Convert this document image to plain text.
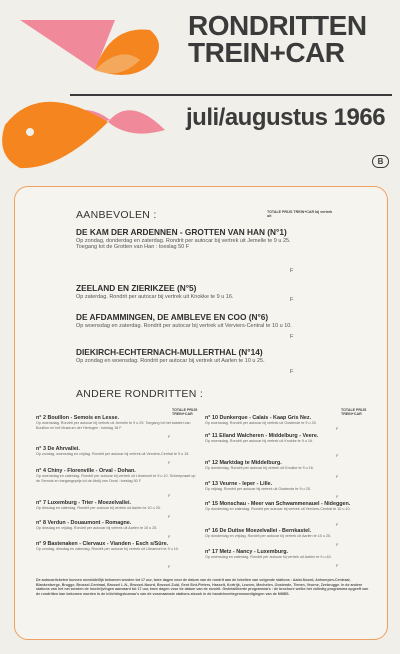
RONDRITTEN
TREIN+CAR
juli/augustus 1966
B
AANBEVOLEN :	TOTALE PRIJS TREIN+CAR bij vertrek uit
DE KAM DER ARDENNEN - GROTTEN VAN HAN (N°1)
Op zondag, donderdag en zaterdag. Rondrit per autocar bij vertrek uit Jemelle te 9 u 25.
Toegang tot de Grotten van Han : toeslag 50 F
F
ZEELAND EN ZIERIKZEE (N°5)
Op zaterdag. Rondrit per autocar bij vertrek uit Knokke te 9 u 16.
F
DE AFDAMMINGEN, DE AMBLEVE EN COO (N°6)
Op woensdag en zaterdag. Rondrit per autocar bij vertrek uit Verviers-Central te 10 u 10.
F
DIEKIRCH-ECHTERNACH-MULLERTHAL (N°14)
Op zondag en woensdag. Rondrit per autocar bij vertrek uit Aarlen te 10 u 25.
F
ANDERE RONDRITTEN :
TOTALE PRIJS TREIN+CAR
TOTALE PRIJS TREIN+CAR
n° 2 Bouillon - Semois en Lesse.
Op woensdag. Rondrit per autocar bij vertrek uit Jemelle te 9 u 25. Toegang tot het kasteel van Bouillon en het Museum der Hertogen : toeslag 18 F
F
n° 3 De Ahrvallei.
Op zondag, woensdag en vrijdag. Rondrit per autocar bij vertrek uit Verviers-Central te 9 u 15.
F
n° 4 Chiny - Florenville - Orval - Dohan.
Op woensdag en zaterdag. Rondrit per autocar bij vertrek uit Libramont te 9 u 10. Scheepvaart op de Semois en toegangsprijs tot de Abdij van Orval : toeslag 50 F
F
n° 7 Luxemburg - Trier - Moezelvallei.
Op dinsdag en zaterdag. Rondrit per autocar bij vertrek uit Aarlen te 10 u 25.
F
n° 8 Verdun - Douaumont - Romagne.
Op dinsdag en vrijdag. Rondrit per autocar bij vertrek uit Aarlen te 10 u 25.
F
n° 9 Bastenaken - Clervaux - Vianden - Esch s/Sûre.
Op zondag, dinsdag en zaterdag. Rondrit per autocar bij vertrek uit Libramont te 9 u 10.
F
n° 10 Dunkerque - Calais - Kaap Gris Nez.
Op woensdag. Rondrit per autocar bij vertrek uit Oostende te 9 u 25.
F
n° 11 Eiland Walcheren - Middelburg - Veere.
Op woensdag. Rondrit per autocar bij vertrek uit Knokke te 9 u 16.
F
n° 12 Marktdag te Middelburg.
Op donderdag. Rondrit per autocar bij vertrek uit Knokke te 9 u 16.
F
n° 13 Veurne - Ieper - Lille.
Op vrijdag. Rondrit per autocar bij vertrek uit Oostende te 9 u 25.
F
n° 15 Monschau - Meer van Schwammenauel - Nideggen.
Op donderdag en zaterdag. Rondrit per autocar bij vertrek uit Verviers-Central te 10 u 10.
F
n° 16 De Duitse Moezelvallei - Bernkastel.
Op donderdag en vrijdag. Rondrit per autocar bij vertrek uit Aarlen te 10 u 25.
F
n° 17 Metz - Nancy - Luxemburg.
Op woensdag en zaterdag. Rondrit per autocar bij vertrek uit Aarlen te 9 u 40.
F
De autocarticketen kunnen onmiddellijk bekomen worden tot 17 uur, twee dagen voor de datum van de rondrit aan de loketten van volgende stations : Aalst-Noord, Antwerpen-Centraal, Blankenberge, Brugge, Brussel-Centraal, Brussel L.N., Brussel-Noord, Brussel-Zuid, Gent Sint-Pieters, Hasselt, Kortrijk, Leuven, Mechelen, Oostende, Tienen, Veurne, Zeebrugge. In de andere stations van het net worden de inschrijvingen aanvaard tot 17 uur, twee dagen voor de datum van de rondrit. Gedetailleerde programma's : de brochure welke het volledig programma opgeeft van de rondritten kan bekomen worden in de inlichtingsbureau's van de voornaamste stations alsook in de handelsvertegenwoordigingen van de NMBS.
